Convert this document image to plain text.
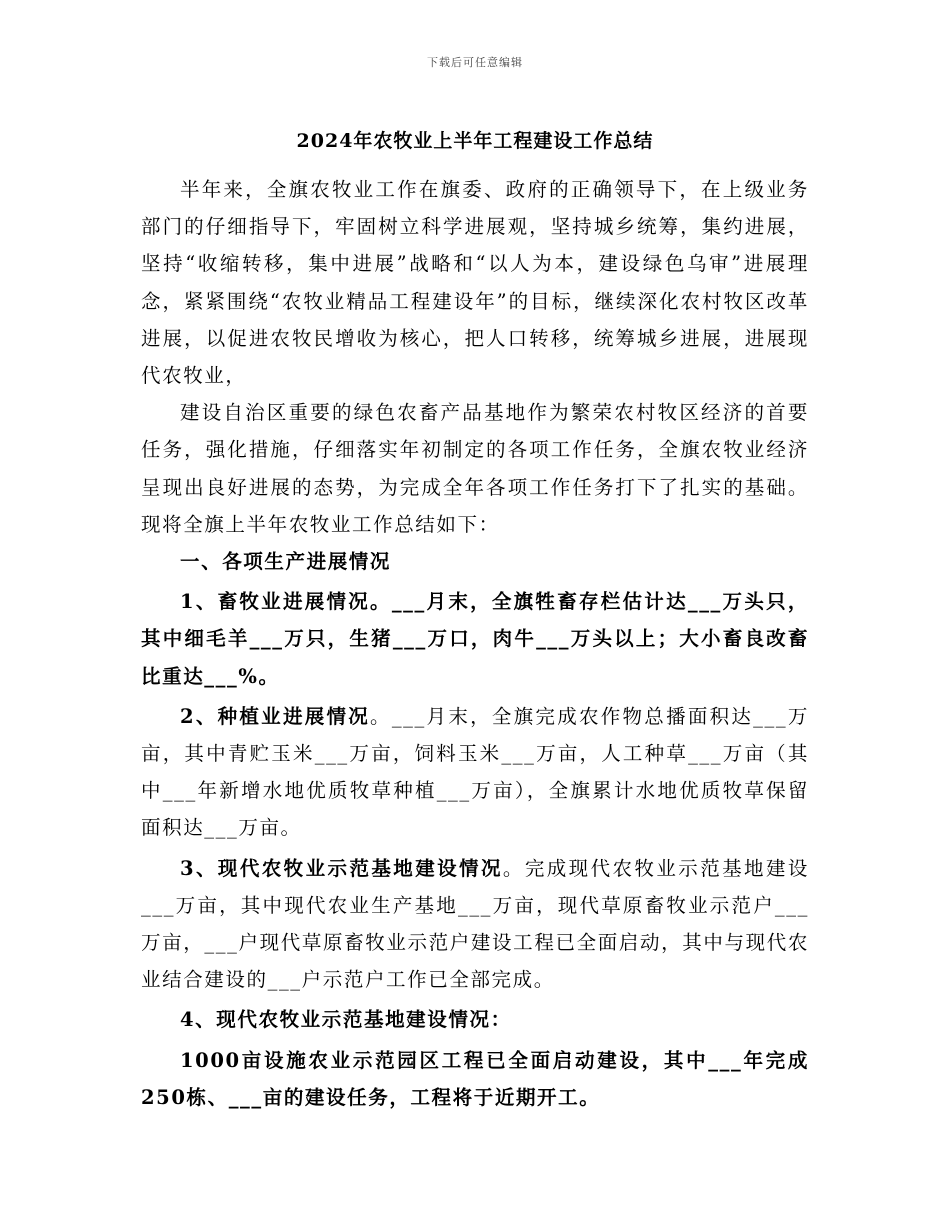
下载后可任意编辑
2024年农牧业上半年工程建设工作总结

半年来，全旗农牧业工作在旗委、政府的正确领导下，在上级业务部门的仔细指导下，牢固树立科学进展观，坚持城乡统筹，集约进展，坚持“收缩转移，集中进展”战略和“以人为本，建设绿色乌审”进展理念，紧紧围绕“农牧业精品工程建设年”的目标，继续深化农村牧区改革进展，以促进农牧民增收为核心，把人口转移，统筹城乡进展，进展现代农牧业，

建设自治区重要的绿色农畜产品基地作为繁荣农村牧区经济的首要任务，强化措施，仔细落实年初制定的各项工作任务，全旗农牧业经济呈现出良好进展的态势，为完成全年各项工作任务打下了扎实的基础。现将全旗上半年农牧业工作总结如下：

一、各项生产进展情况

1、畜牧业进展情况。___月末，全旗牲畜存栏估计达___万头只，其中细毛羊___万只，生猪___万口，肉牛___万头以上；大小畜良改畜比重达___%。

2、种植业进展情况。___月末，全旗完成农作物总播面积达___万亩，其中青贮玉米___万亩，饲料玉米___万亩，人工种草___万亩（其中___年新增水地优质牧草种植___万亩），全旗累计水地优质牧草保留面积达___万亩。

3、现代农牧业示范基地建设情况。完成现代农牧业示范基地建设___万亩，其中现代农业生产基地___万亩，现代草原畜牧业示范户___万亩，___户现代草原畜牧业示范户建设工程已全面启动，其中与现代农业结合建设的___户示范户工作已全部完成。

4、现代农牧业示范基地建设情况：

1000亩设施农业示范园区工程已全面启动建设，其中___年完成250栋、___亩的建设任务，工程将于近期开工。
